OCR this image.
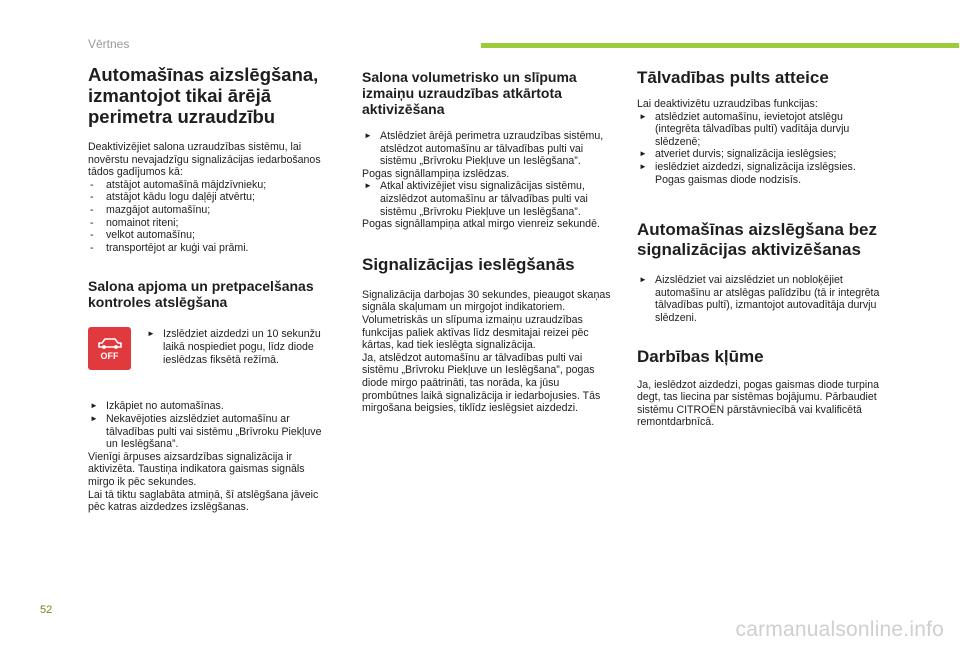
Vērtnes
Automašīnas aizslēgšana, izmantojot tikai ārējā perimetra uzraudzību

Deaktivizējiet salona uzraudzības sistēmu, lai novērstu nevajadzīgu signalizācijas iedarbošanos tādos gadījumos kā:

- atstājot automašīnā mājdzīvnieku;
- atstājot kādu logu daļēji atvērtu;
- mazgājot automašīnu;
- nomainot riteni;
- velkot automašīnu;
- transportējot ar kuģi vai prāmi.
Salona apjoma un pretpacelšanas kontroles atslēgšana
OFF
► Izslēdziet aizdedzi un 10 sekunžu laikā nospiediet pogu, līdz diode ieslēdzas fiksētā režīmā.
► Izkāpiet no automašīnas.
► Nekavējoties aizslēdziet automašīnu ar tālvadības pulti vai sistēmu „Brīvroku Piekļuve un Ieslēgšana”.

Vienīgi ārpuses aizsardzības signalizācija ir aktivizēta. Taustiņa indikatora gaismas signāls mirgo ik pēc sekundes.

Lai tā tiktu saglabāta atmiņā, šī atslēgšana jāveic pēc katras aizdedzes izslēgšanas.

Salona volumetrisko un slīpuma izmaiņu uzraudzības atkārtota aktivizēšana
► Atslēdziet ārējā perimetra uzraudzības sistēmu, atslēdzot automašīnu ar tālvadības pulti vai sistēmu „Brīvroku Piekļuve un Ieslēgšana”.

Pogas signāllampiņa izslēdzas.

► Atkal aktivizējiet visu signalizācijas sistēmu, aizslēdzot automašīnu ar tālvadības pulti vai sistēmu „Brīvroku Piekļuve un Ieslēgšana”.

Pogas signāllampiņa atkal mirgo vienreiz sekundē.

Signalizācijas ieslēgšanās

Signalizācija darbojas 30 sekundes, pieaugot skaņas signāla skaļumam un mirgojot indikatoriem.

Volumetriskās un slīpuma izmaiņu uzraudzības funkcijas paliek aktīvas līdz desmitajai reizei pēc kārtas, kad tiek ieslēgta signalizācija.

Ja, atslēdzot automašīnu ar tālvadības pulti vai sistēmu „Brīvroku Piekļuve un Ieslēgšana”, pogas diode mirgo paātrināti, tas norāda, ka jūsu prombūtnes laikā signalizācija ir iedarbojusies. Tās mirgošana beigsies, tiklīdz ieslēgsiet aizdedzi.

Tālvadības pults atteice

Lai deaktivizētu uzraudzības funkcijas:

► atslēdziet automašīnu, ievietojot atslēgu (integrēta tālvadības pultī) vadītāja durvju slēdzenē;
► atveriet durvis; signalizācija ieslēgsies;
► ieslēdziet aizdedzi, signalizācija izslēgsies. Pogas gaismas diode nodzisīs.
Automašīnas aizslēgšana bez signalizācijas aktivizēšanas
► Aizslēdziet vai aizslēdziet un nobloķējiet automašīnu ar atslēgas palīdzību (tā ir integrēta tālvadības pultī), izmantojot autovadītāja durvju slēdzeni.
Darbības kļūme

Ja, ieslēdzot aizdedzi, pogas gaismas diode turpina degt, tas liecina par sistēmas bojājumu. Pārbaudiet sistēmu CITROËN pārstāvniecībā vai kvalificētā remontdarbnīcā.

52
carmanualsonline.info
